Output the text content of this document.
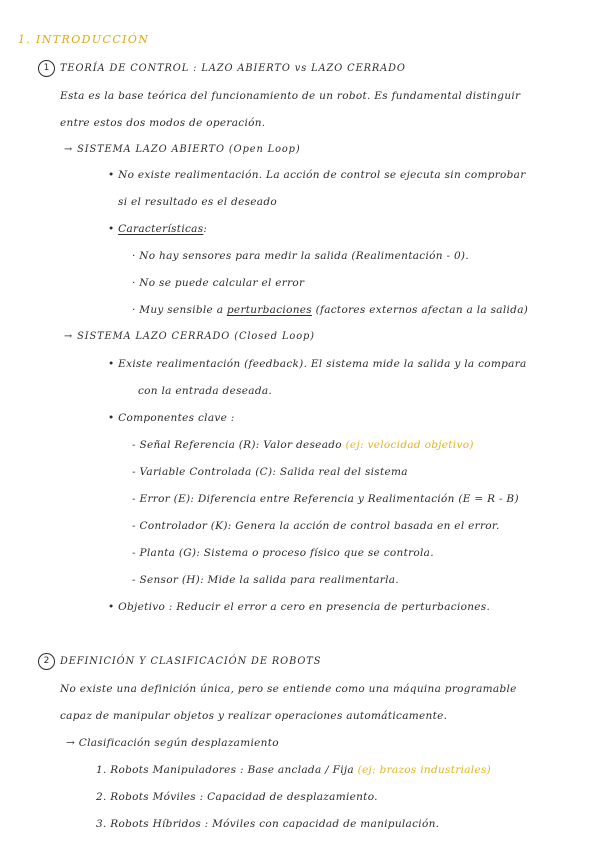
1. INTRODUCCIÓN
1	TEORÍA DE CONTROL : LAZO ABIERTO vs LAZO CERRADO
Esta es la base teórica del funcionamiento de un robot. Es fundamental distinguir
entre estos dos modos de operación.
→ SISTEMA LAZO ABIERTO (Open Loop)
• No existe realimentación. La acción de control se ejecuta sin comprobar
si el resultado es el deseado
• Características:
· No hay sensores para medir la salida (Realimentación - 0).
· No se puede calcular el error
· Muy sensible a perturbaciones (factores externos afectan a la salida)
→ SISTEMA LAZO CERRADO (Closed Loop)
• Existe realimentación (feedback). El sistema mide la salida y la compara
con la entrada deseada.
• Componentes clave :
- Señal Referencia (R): Valor deseado (ej: velocidad objetivo)
- Variable Controlada (C): Salida real del sistema
- Error (E): Diferencia entre Referencia y Realimentación (E = R - B)
- Controlador (K): Genera la acción de control basada en el error.
- Planta (G): Sistema o proceso físico que se controla.
- Sensor (H): Mide la salida para realimentarla.
• Objetivo : Reducir el error a cero en presencia de perturbaciones.
2	DEFINICIÓN Y CLASIFICACIÓN DE ROBOTS
No existe una definición única, pero se entiende como una máquina programable
capaz de manipular objetos y realizar operaciones automáticamente.
→ Clasificación según desplazamiento
1. Robots Manipuladores : Base anclada / Fija (ej: brazos industriales)
2. Robots Móviles : Capacidad de desplazamiento.
3. Robots Híbridos : Móviles con capacidad de manipulación.
